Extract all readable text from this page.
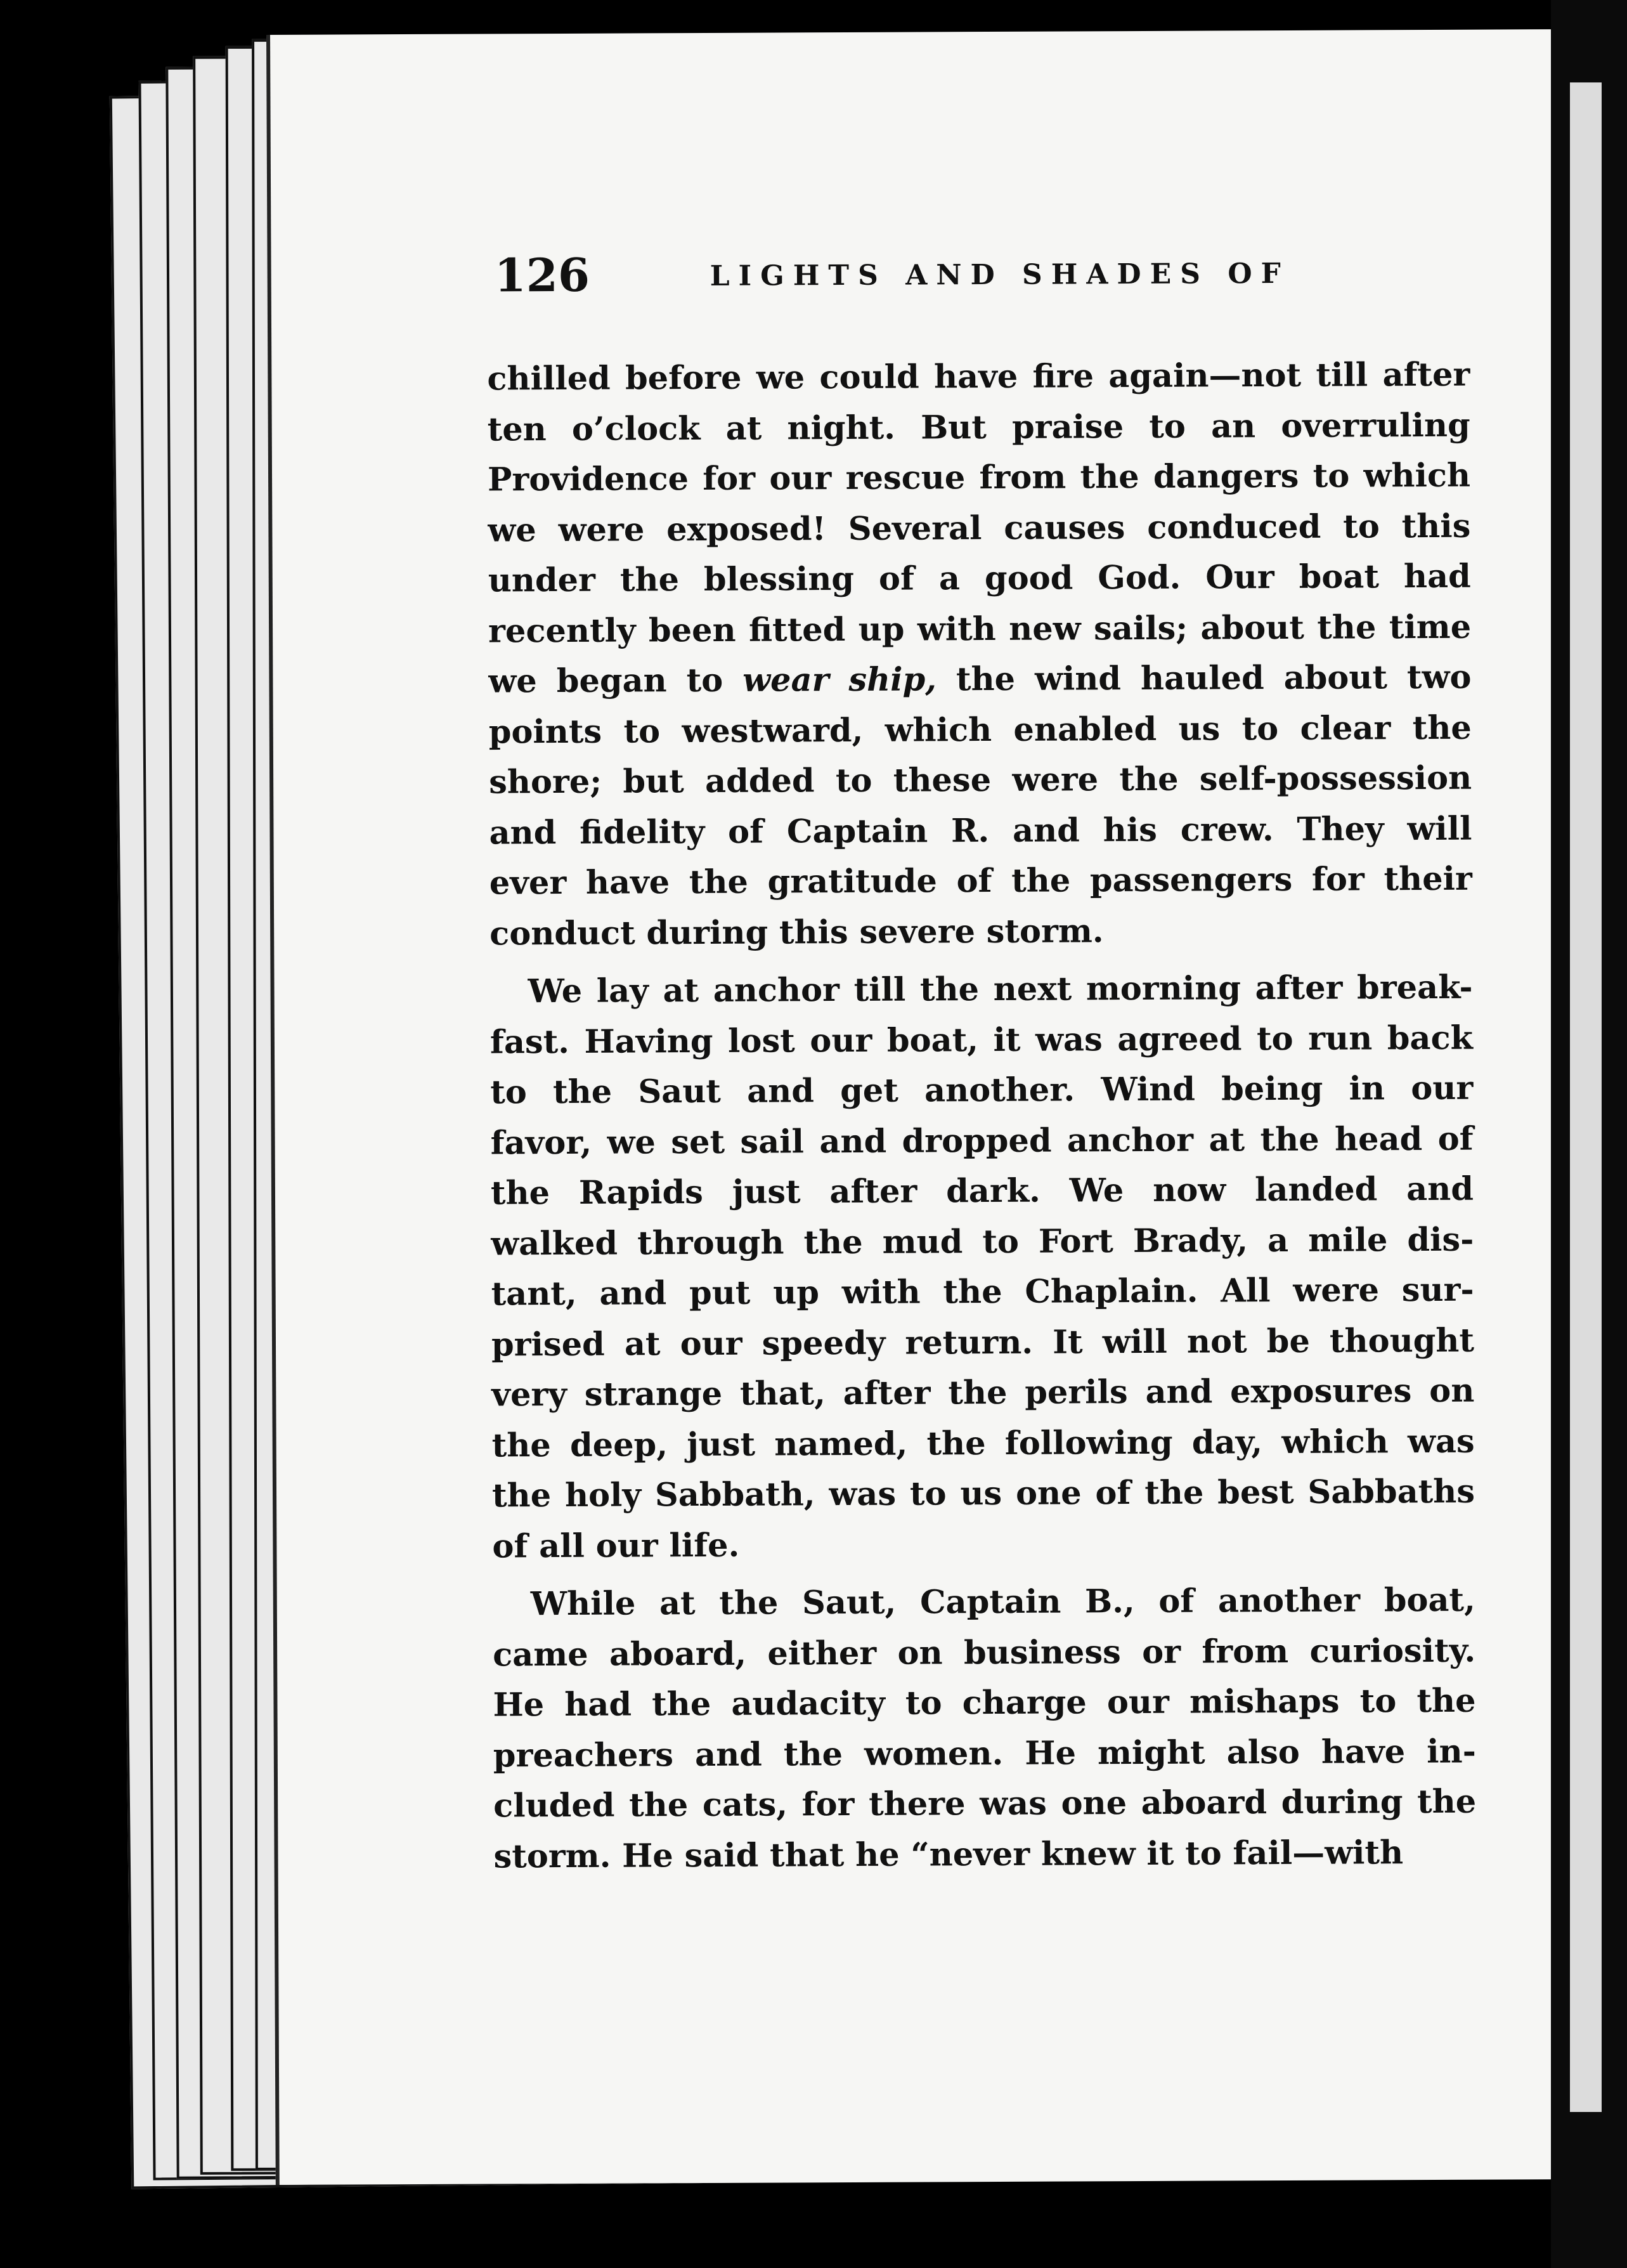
126	LIGHTS AND SHADES OF
chilled before we could have fire again—not till after
ten o’clock at night. But praise to an overruling
Providence for our rescue from the dangers to which
we were exposed! Several causes conduced to this
under the blessing of a good God. Our boat had
recently been fitted up with new sails; about the time
we began to wear ship, the wind hauled about two
points to westward, which enabled us to clear the
shore; but added to these were the self-possession
and fidelity of Captain R. and his crew. They will
ever have the gratitude of the passengers for their
conduct during this severe storm.
We lay at anchor till the next morning after break-
fast. Having lost our boat, it was agreed to run back
to the Saut and get another. Wind being in our
favor, we set sail and dropped anchor at the head of
the Rapids just after dark. We now landed and
walked through the mud to Fort Brady, a mile dis-
tant, and put up with the Chaplain. All were sur-
prised at our speedy return. It will not be thought
very strange that, after the perils and exposures on
the deep, just named, the following day, which was
the holy Sabbath, was to us one of the best Sabbaths
of all our life.
While at the Saut, Captain B., of another boat,
came aboard, either on business or from curiosity.
He had the audacity to charge our mishaps to the
preachers and the women. He might also have in-
cluded the cats, for there was one aboard during the
storm. He said that he “never knew it to fail—with
